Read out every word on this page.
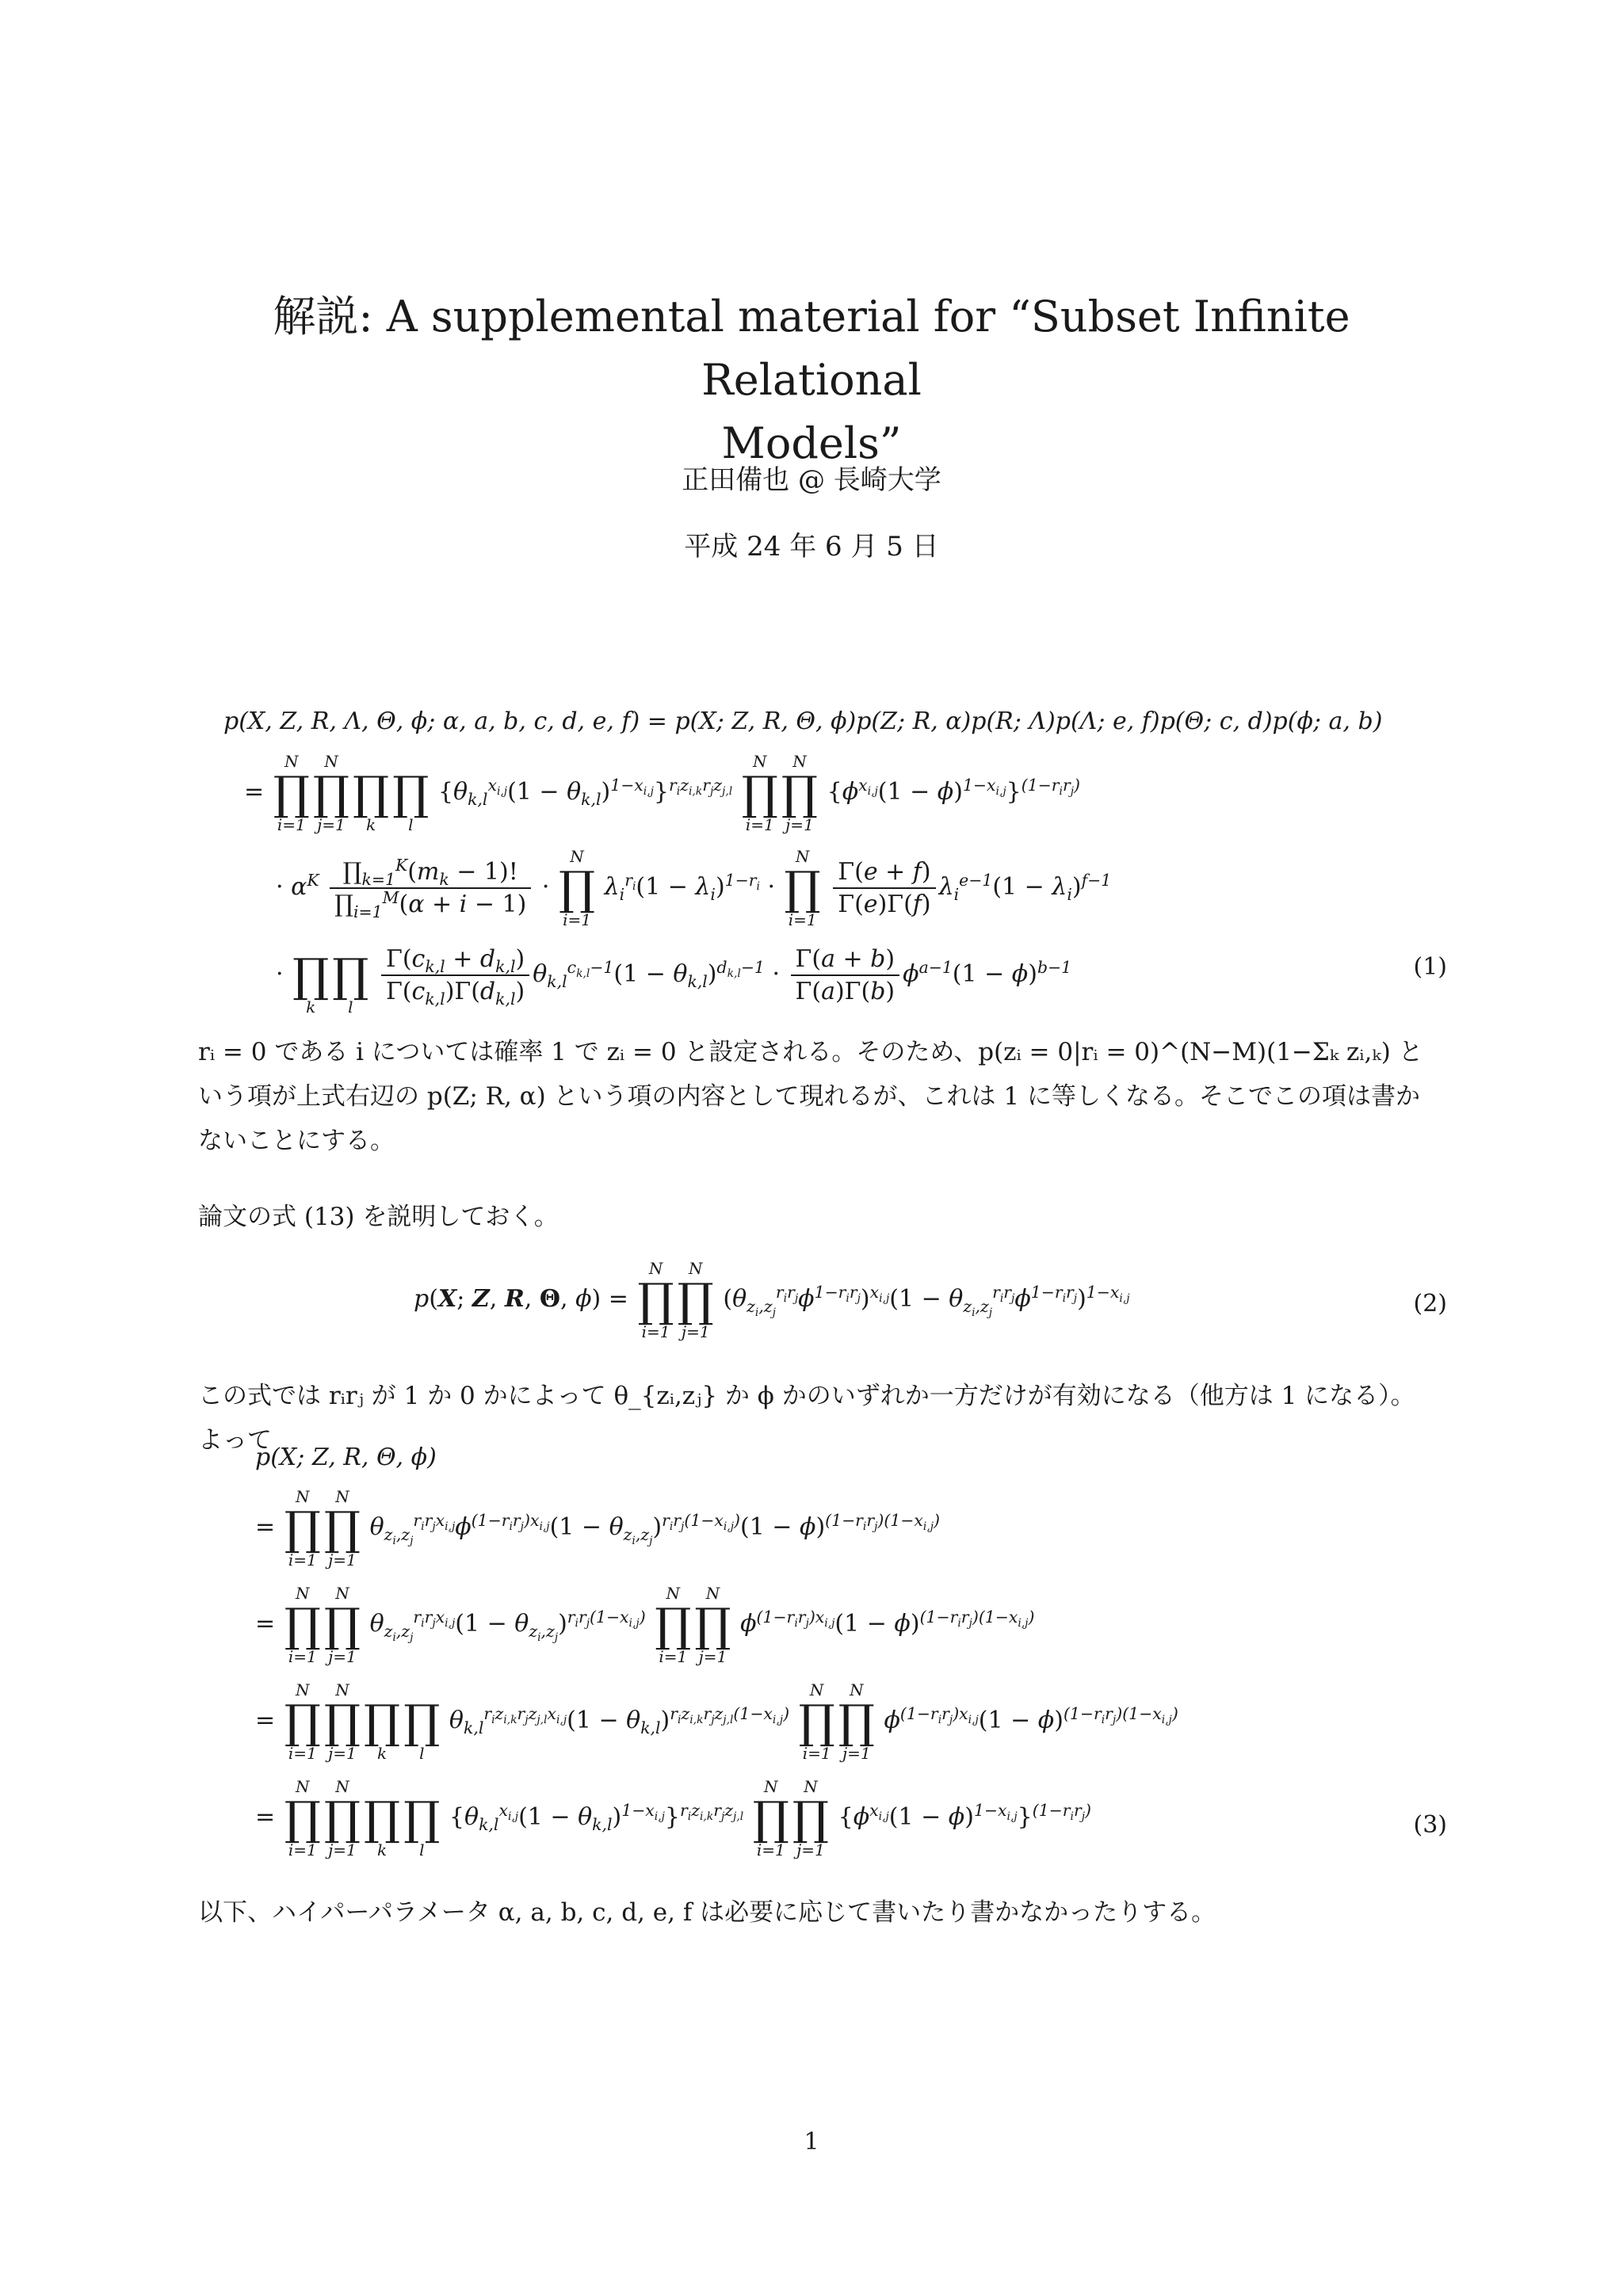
解説: A supplemental material for “Subset Infinite Relational
Models”
正田備也 @ 長崎大学
平成 24 年 6 月 5 日
p(X, Z, R, Λ, Θ, ϕ; α, a, b, c, d, e, f) = p(X; Z, R, Θ, ϕ)p(Z; R, α)p(R; Λ)p(Λ; e, f)p(Θ; c, d)p(ϕ; a, b)
=
N
∏
i=1
N
∏
j=1

∏
k

∏
l
$\{\theta_{k,l}^{x_{i,j}}(1 - \theta_{k,l})^{1-x_{i,j}}\}^{r_iz_{i,k}r_jz_{j,l}}$
N
∏
i=1
N
∏
j=1
$\{\phi^{x_{i,j}}(1 - \phi)^{1-x_{i,j}}\}^{(1-r_ir_j)}$
· $\alpha^K \frac{\prod_{k=1}^K(m_k - 1)!}{\prod_{i=1}^M(\alpha + i - 1)}$ ·
N
∏
i=1
$\lambda_i^{r_i}(1 - \lambda_i)^{1-r_i}$ ·
N
∏
i=1

$\frac{\Gamma(e + f)}{\Gamma(e)\Gamma(f)} \lambda_i^{e-1}(1 - \lambda_i)^{f-1}$
·
∏
k

∏
l

$\frac{\Gamma(c_{k,l} + d_{k,l})}{\Gamma(c_{k,l})\Gamma(d_{k,l})} \theta_{k,l}^{c_{k,l}-1}(1 - \theta_{k,l})^{d_{k,l}-1} \cdot \frac{\Gamma(a + b)}{\Gamma(a)\Gamma(b)} \phi^{a-1}(1 - \phi)^{b-1}$	(1)
rᵢ = 0 である i については確率 1 で zᵢ = 0 と設定される。そのため、p(zᵢ = 0|rᵢ = 0)^(N−M)(1−Σₖ zᵢ,ₖ) という項が上式右辺の p(Z; R, α) という項の内容として現れるが、これは 1 に等しくなる。そこでこの項は書かないことにする。
論文の式 (13) を説明しておく。
p(X; Z, R, Θ, ϕ) =
N
∏
i=1
N
∏
j=1
$(\theta_{z_i,z_j}^{r_ir_j}\phi^{1-r_ir_j})^{x_{i,j}}(1 - \theta_{z_i,z_j}^{r_ir_j}\phi^{1-r_ir_j})^{1-x_{i,j}}$	(2)
この式では rᵢrⱼ が 1 か 0 かによって θ_{zᵢ,zⱼ} か ϕ かのいずれか一方だけが有効になる（他方は 1 になる）。よって
p(X; Z, R, Θ, ϕ)
=
N
∏
i=1
N
∏
j=1
$\theta_{z_i,z_j}^{r_ir_jx_{i,j}}\phi^{(1-r_ir_j)x_{i,j}}(1 - \theta_{z_i,z_j})^{r_ir_j(1-x_{i,j})}(1 - \phi)^{(1-r_ir_j)(1-x_{i,j})}$
=
N
∏
i=1
N
∏
j=1
$\theta_{z_i,z_j}^{r_ir_jx_{i,j}}(1 - \theta_{z_i,z_j})^{r_ir_j(1-x_{i,j})}$
N
∏
i=1
N
∏
j=1
$\phi^{(1-r_ir_j)x_{i,j}}(1 - \phi)^{(1-r_ir_j)(1-x_{i,j})}$
=
N
∏
i=1
N
∏
j=1

∏
k

∏
l
$\theta_{k,l}^{r_iz_{i,k}r_jz_{j,l}x_{i,j}}(1 - \theta_{k,l})^{r_iz_{i,k}r_jz_{j,l}(1-x_{i,j})}$
N
∏
i=1
N
∏
j=1
$\phi^{(1-r_ir_j)x_{i,j}}(1 - \phi)^{(1-r_ir_j)(1-x_{i,j})}$
=
N
∏
i=1
N
∏
j=1

∏
k

∏
l
$\{\theta_{k,l}^{x_{i,j}}(1 - \theta_{k,l})^{1-x_{i,j}}\}^{r_iz_{i,k}r_jz_{j,l}}$
N
∏
i=1
N
∏
j=1
$\{\phi^{x_{i,j}}(1 - \phi)^{1-x_{i,j}}\}^{(1-r_ir_j)}$
(3)
以下、ハイパーパラメータ α, a, b, c, d, e, f は必要に応じて書いたり書かなかったりする。
1
